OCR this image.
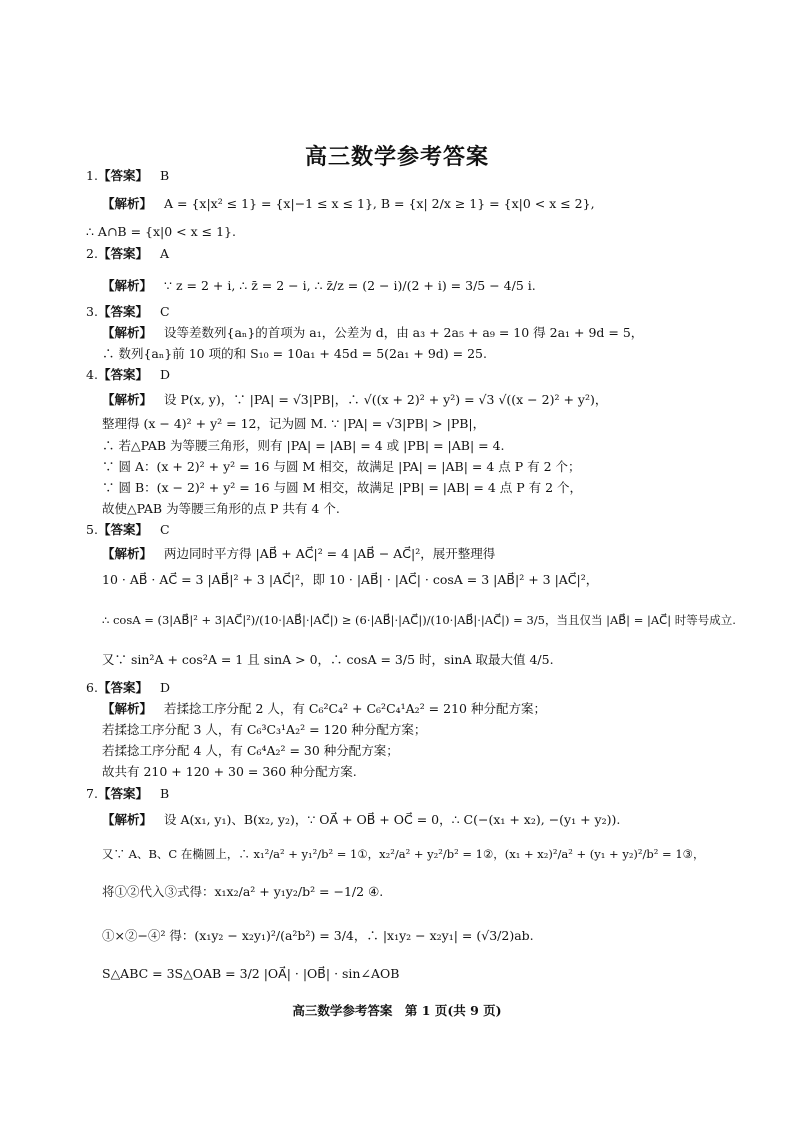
高三数学参考答案
1.【答案】 B
【解析】 A = {x|x² ≤ 1} = {x|−1 ≤ x ≤ 1}, B = {x| 2/x ≥ 1} = {x|0 < x ≤ 2},
∴ A∩B = {x|0 < x ≤ 1}.
2.【答案】 A
【解析】 ∵ z = 2 + i, ∴ z̄ = 2 − i, ∴ z̄/z = (2 − i)/(2 + i) = 3/5 − 4/5 i.
3.【答案】 C
【解析】 设等差数列{aₙ}的首项为 a₁，公差为 d，由 a₃ + 2a₅ + a₉ = 10 得 2a₁ + 9d = 5，
∴ 数列{aₙ}前 10 项的和 S₁₀ = 10a₁ + 45d = 5(2a₁ + 9d) = 25.
4.【答案】 D
【解析】 设 P(x, y)，∵ |PA| = √3|PB|，∴ √((x + 2)² + y²) = √3 √((x − 2)² + y²)，
整理得 (x − 4)² + y² = 12，记为圆 M. ∵ |PA| = √3|PB| > |PB|，
∴ 若△PAB 为等腰三角形，则有 |PA| = |AB| = 4 或 |PB| = |AB| = 4.
∵ 圆 A：(x + 2)² + y² = 16 与圆 M 相交，故满足 |PA| = |AB| = 4 点 P 有 2 个；
∵ 圆 B：(x − 2)² + y² = 16 与圆 M 相交，故满足 |PB| = |AB| = 4 点 P 有 2 个，
故使△PAB 为等腰三角形的点 P 共有 4 个.
5.【答案】 C
【解析】 两边同时平方得 |AB⃗ + AC⃗|² = 4 |AB⃗ − AC⃗|²，展开整理得
10 · AB⃗ · AC⃗ = 3 |AB⃗|² + 3 |AC⃗|²，即 10 · |AB⃗| · |AC⃗| · cosA = 3 |AB⃗|² + 3 |AC⃗|²，
∴ cosA = (3|AB⃗|² + 3|AC⃗|²)/(10·|AB⃗|·|AC⃗|) ≥ (6·|AB⃗|·|AC⃗|)/(10·|AB⃗|·|AC⃗|) = 3/5，当且仅当 |AB⃗| = |AC⃗| 时等号成立.
又∵ sin²A + cos²A = 1 且 sinA > 0，∴ cosA = 3/5 时，sinA 取最大值 4/5.
6.【答案】 D
【解析】 若揉捻工序分配 2 人，有 C₆²C₄² + C₆²C₄¹A₂² = 210 种分配方案；
若揉捻工序分配 3 人，有 C₆³C₃¹A₂² = 120 种分配方案；
若揉捻工序分配 4 人，有 C₆⁴A₂² = 30 种分配方案；
故共有 210 + 120 + 30 = 360 种分配方案.
7.【答案】 B
【解析】 设 A(x₁, y₁)、B(x₂, y₂)，∵ OA⃗ + OB⃗ + OC⃗ = 0，∴ C(−(x₁ + x₂), −(y₁ + y₂)).
又∵ A、B、C 在椭圆上，∴ x₁²/a² + y₁²/b² = 1①，x₂²/a² + y₂²/b² = 1②，(x₁ + x₂)²/a² + (y₁ + y₂)²/b² = 1③，
将①②代入③式得：x₁x₂/a² + y₁y₂/b² = −1/2 ④.
①×②−④² 得：(x₁y₂ − x₂y₁)²/(a²b²) = 3/4，∴ |x₁y₂ − x₂y₁| = (√3/2)ab.
S△ABC = 3S△OAB = 3/2 |OA⃗| · |OB⃗| · sin∠AOB
高三数学参考答案　第 1 页(共 9 页)
